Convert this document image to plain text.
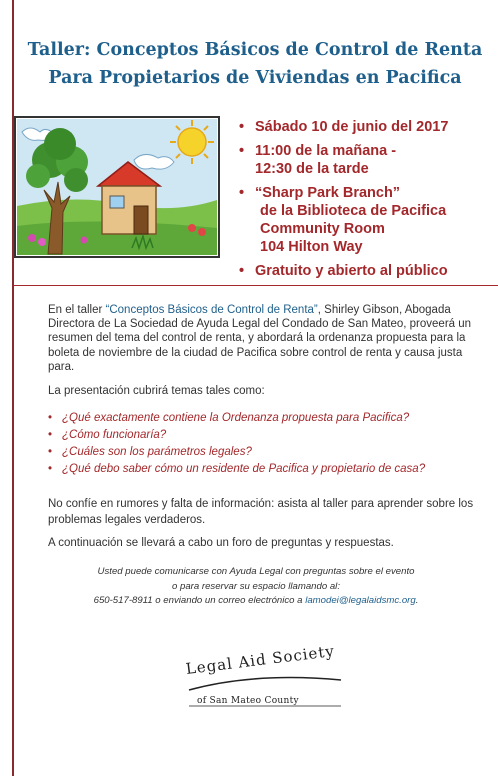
Taller: Conceptos Básicos de Control de Renta
Para Propietarios de Viviendas en Pacifica
• Sábado 10 de junio del 2017
• 11:00 de la mañana -
12:30 de la tarde
• “Sharp Park Branch”
de la Biblioteca de Pacifica
Community Room
104 Hilton Way
• Gratuito y abierto al público
En el taller “Conceptos Básicos de Control de Renta”, Shirley Gibson, Abogada Directora de La Sociedad de Ayuda Legal del Condado de San Mateo, proveerá un resumen del tema del control de renta, y abordará la ordenanza propuesta para la boleta de noviembre de la ciudad de Pacifica sobre control de renta y causa justa para.
La presentación cubrirá temas tales como:
• ¿Qué exactamente contiene la Ordenanza propuesta para Pacifica?
• ¿Cómo funcionaría?
• ¿Cuáles son los parámetros legales?
• ¿Qué debo saber cómo un residente de Pacifica y propietario de casa?
No confíe en rumores y falta de información: asista al taller para aprender sobre los problemas legales verdaderos.
A continuación se llevará a cabo un foro de preguntas y respuestas.
Usted puede comunicarse con Ayuda Legal con preguntas sobre el evento
o para reservar su espacio llamando al:
650-517-8911 o enviando un correo electrónico a lamodei@legalaidsmc.org.
Legal Aid Society
of San Mateo County
